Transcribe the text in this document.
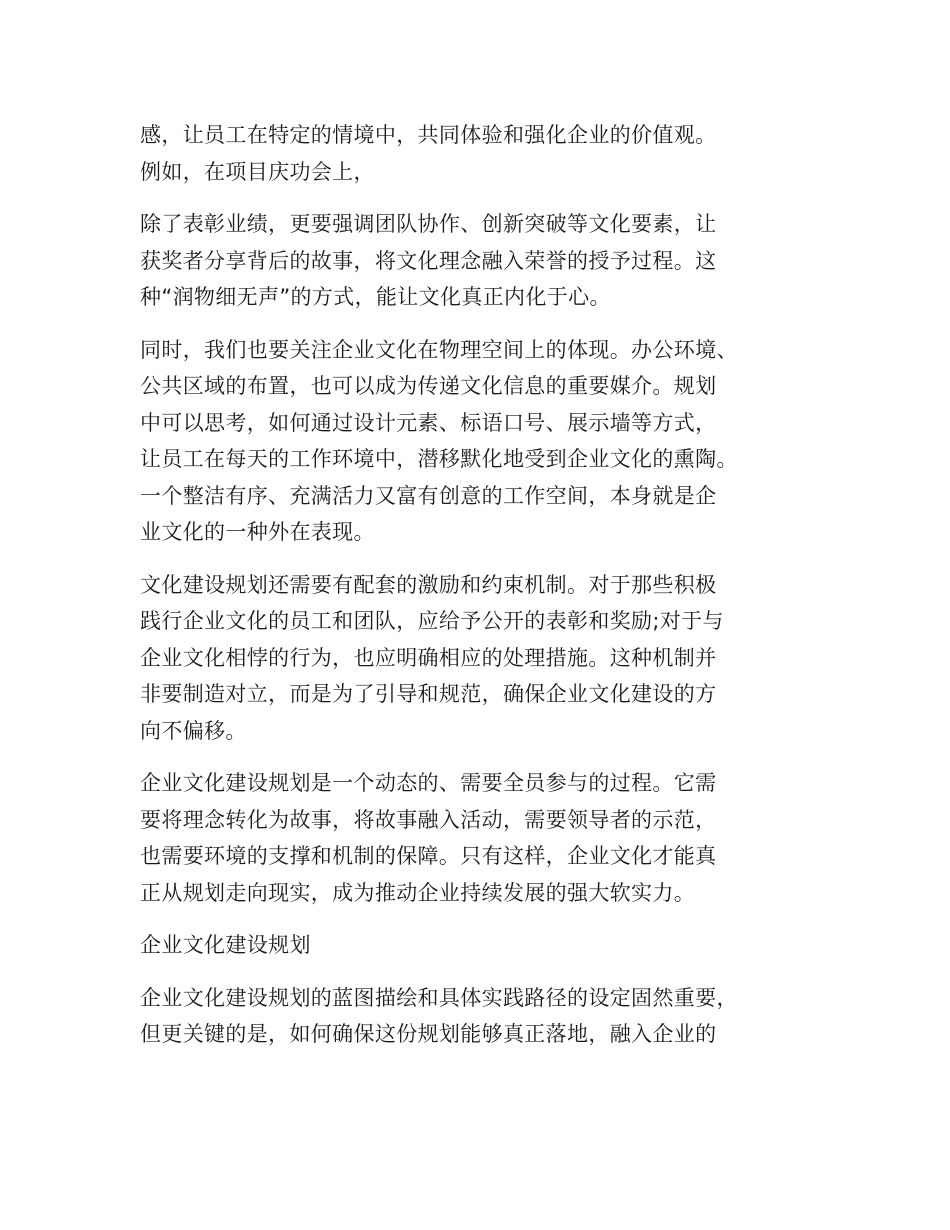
感，让员工在特定的情境中，共同体验和强化企业的价值观。
例如，在项目庆功会上，

除了表彰业绩，更要强调团队协作、创新突破等文化要素，让
获奖者分享背后的故事，将文化理念融入荣誉的授予过程。这
种“润物细无声”的方式，能让文化真正内化于心。

同时，我们也要关注企业文化在物理空间上的体现。办公环境、
公共区域的布置，也可以成为传递文化信息的重要媒介。规划
中可以思考，如何通过设计元素、标语口号、展示墙等方式，
让员工在每天的工作环境中，潜移默化地受到企业文化的熏陶。
一个整洁有序、充满活力又富有创意的工作空间，本身就是企
业文化的一种外在表现。

文化建设规划还需要有配套的激励和约束机制。对于那些积极
践行企业文化的员工和团队，应给予公开的表彰和奖励;对于与
企业文化相悖的行为，也应明确相应的处理措施。这种机制并
非要制造对立，而是为了引导和规范，确保企业文化建设的方
向不偏移。

企业文化建设规划是一个动态的、需要全员参与的过程。它需
要将理念转化为故事，将故事融入活动，需要领导者的示范，
也需要环境的支撑和机制的保障。只有这样，企业文化才能真
正从规划走向现实，成为推动企业持续发展的强大软实力。

企业文化建设规划

企业文化建设规划的蓝图描绘和具体实践路径的设定固然重要，
但更关键的是，如何确保这份规划能够真正落地，融入企业的
